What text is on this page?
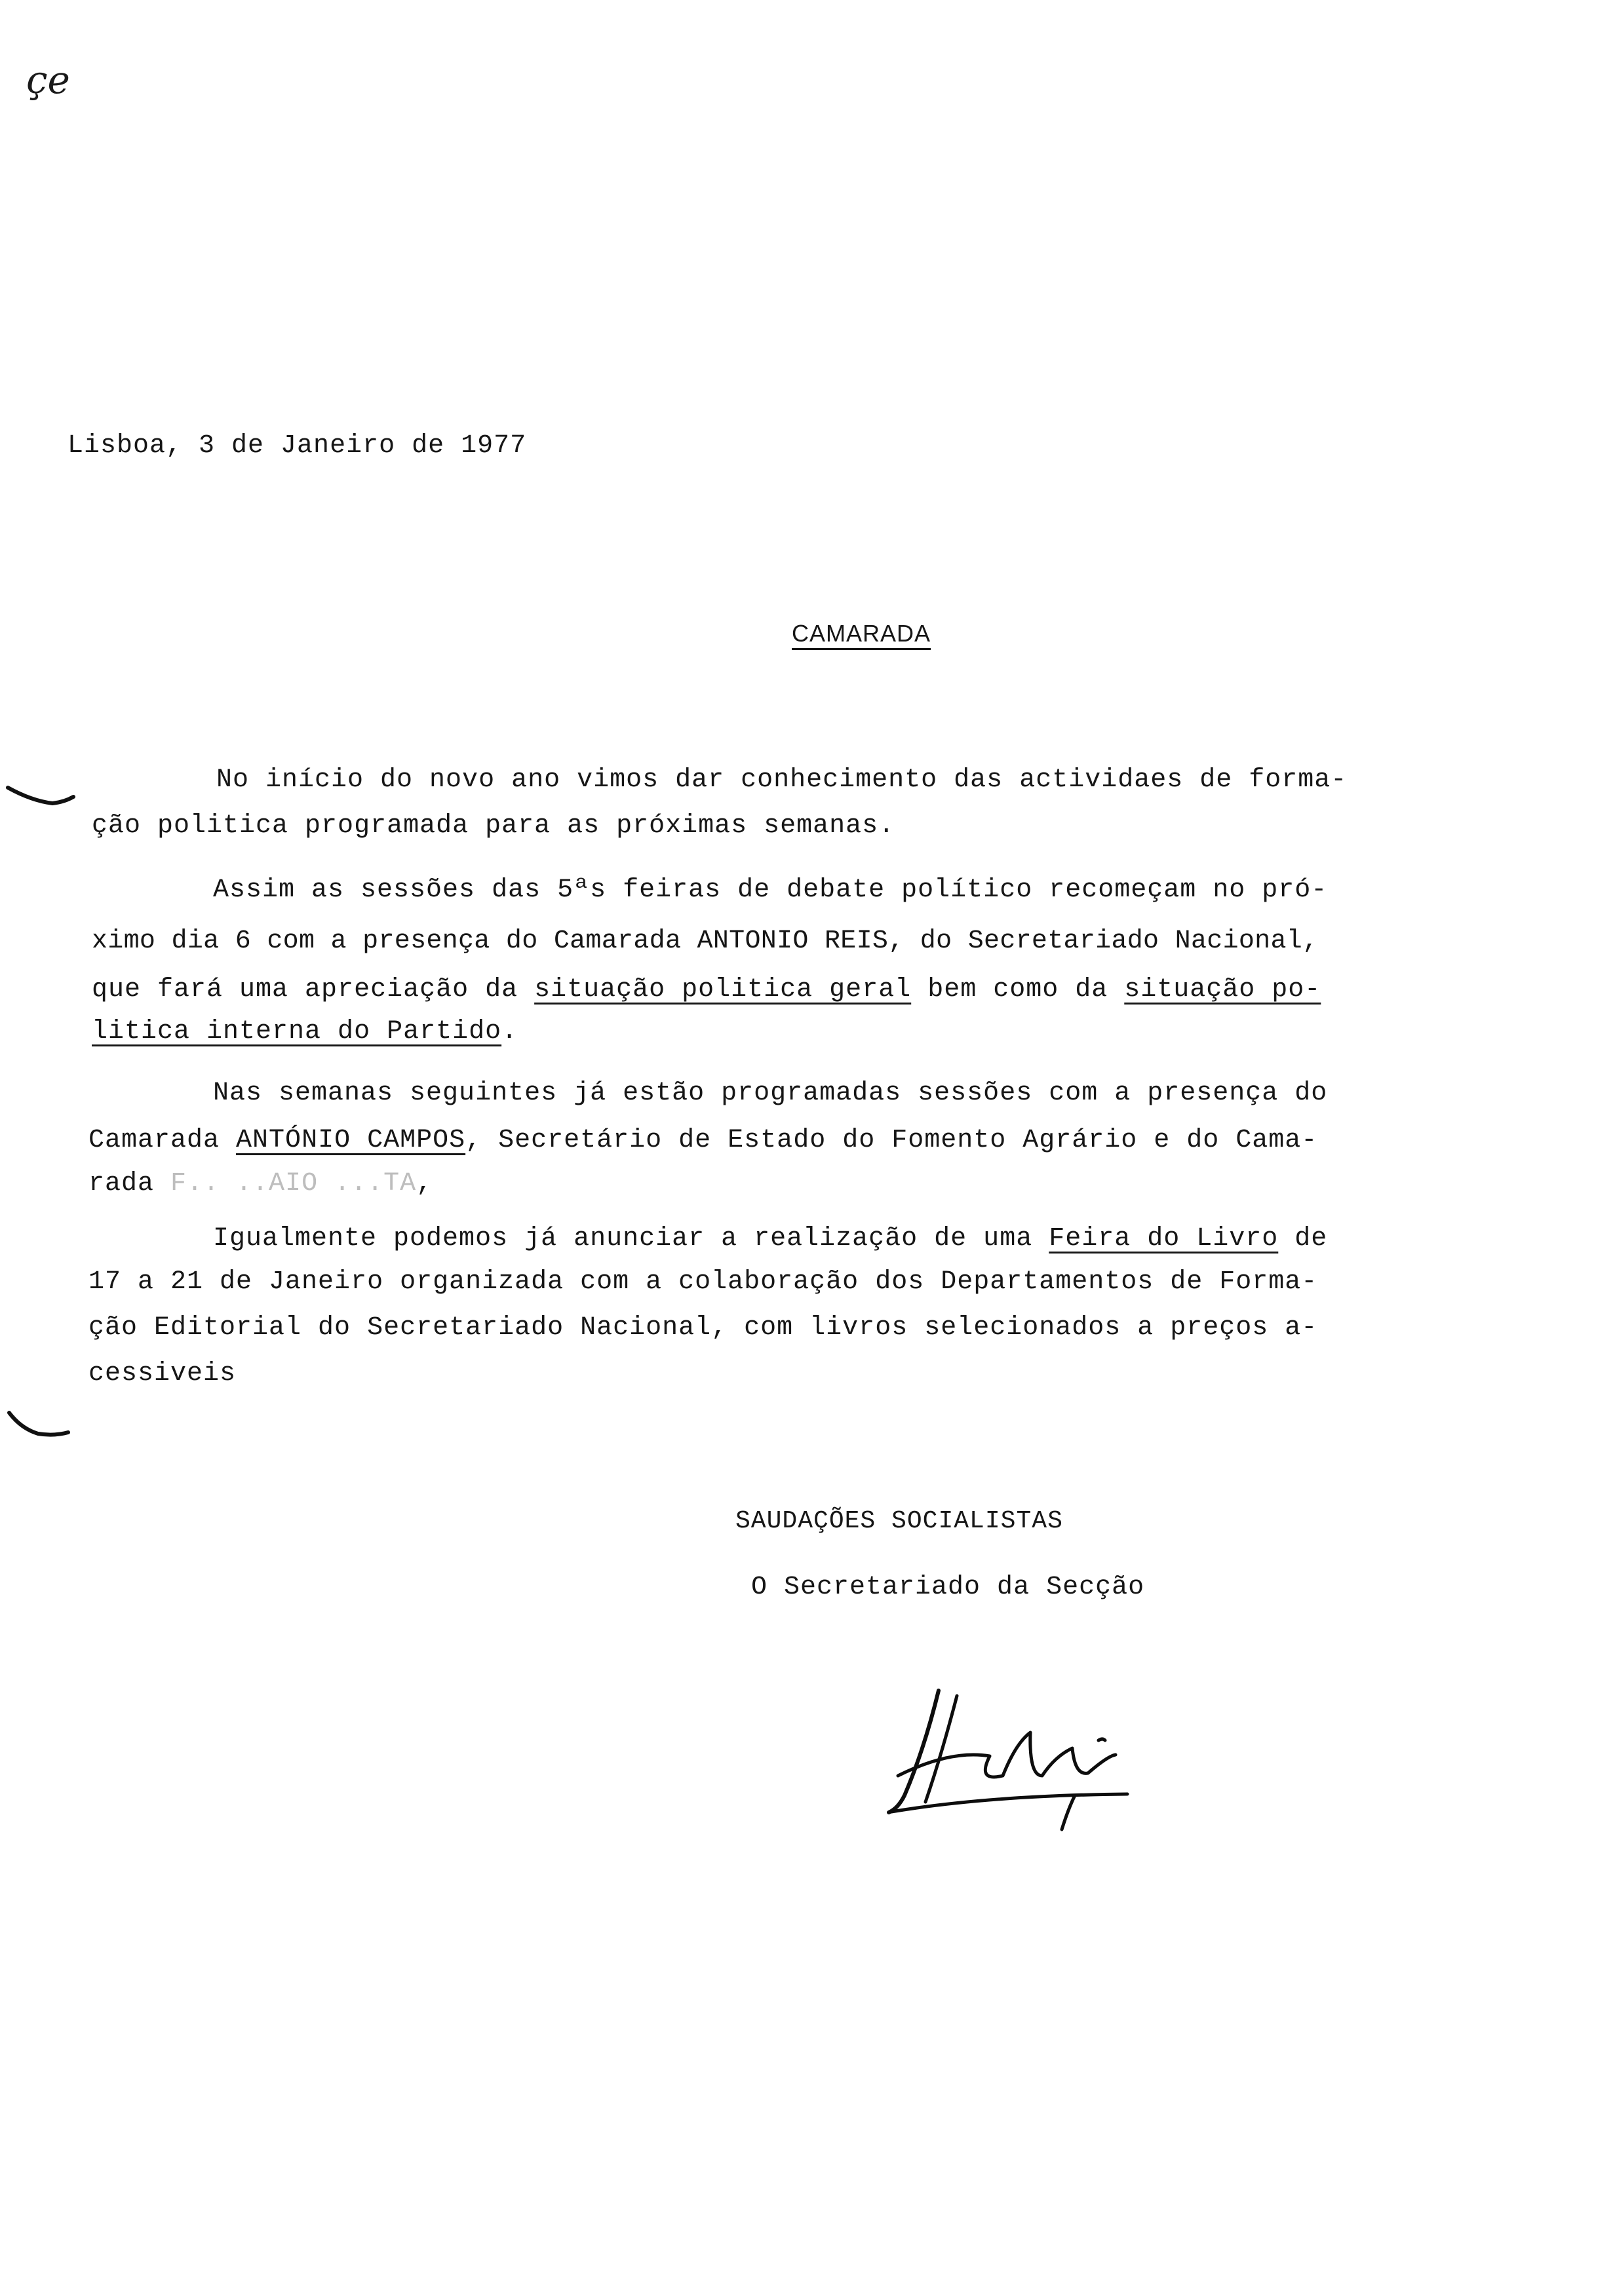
çe
Lisboa, 3 de Janeiro de 1977
CAMARADA
No início do novo ano vimos dar conhecimento das actividaes de forma-
ção politica programada para as próximas semanas.
Assim as sessões das 5ªs feiras de debate político recomeçam no pró-
ximo dia 6 com a presença do Camarada ANTONIO REIS, do Secretariado Nacional,
que fará uma apreciação da situação politica geral bem como da situação po-
litica interna do Partido.
Nas semanas seguintes já estão programadas sessões com a presença do
Camarada ANTÓNIO CAMPOS, Secretário de Estado do Fomento Agrário e do Cama-
rada F.. ..AIO ...TA,
Igualmente podemos já anunciar a realização de uma Feira do Livro de
17 a 21 de Janeiro organizada com a colaboração dos Departamentos de Forma-
ção Editorial do Secretariado Nacional, com livros selecionados a preços a-
cessiveis
SAUDAÇÕES SOCIALISTAS
O Secretariado da Secção
